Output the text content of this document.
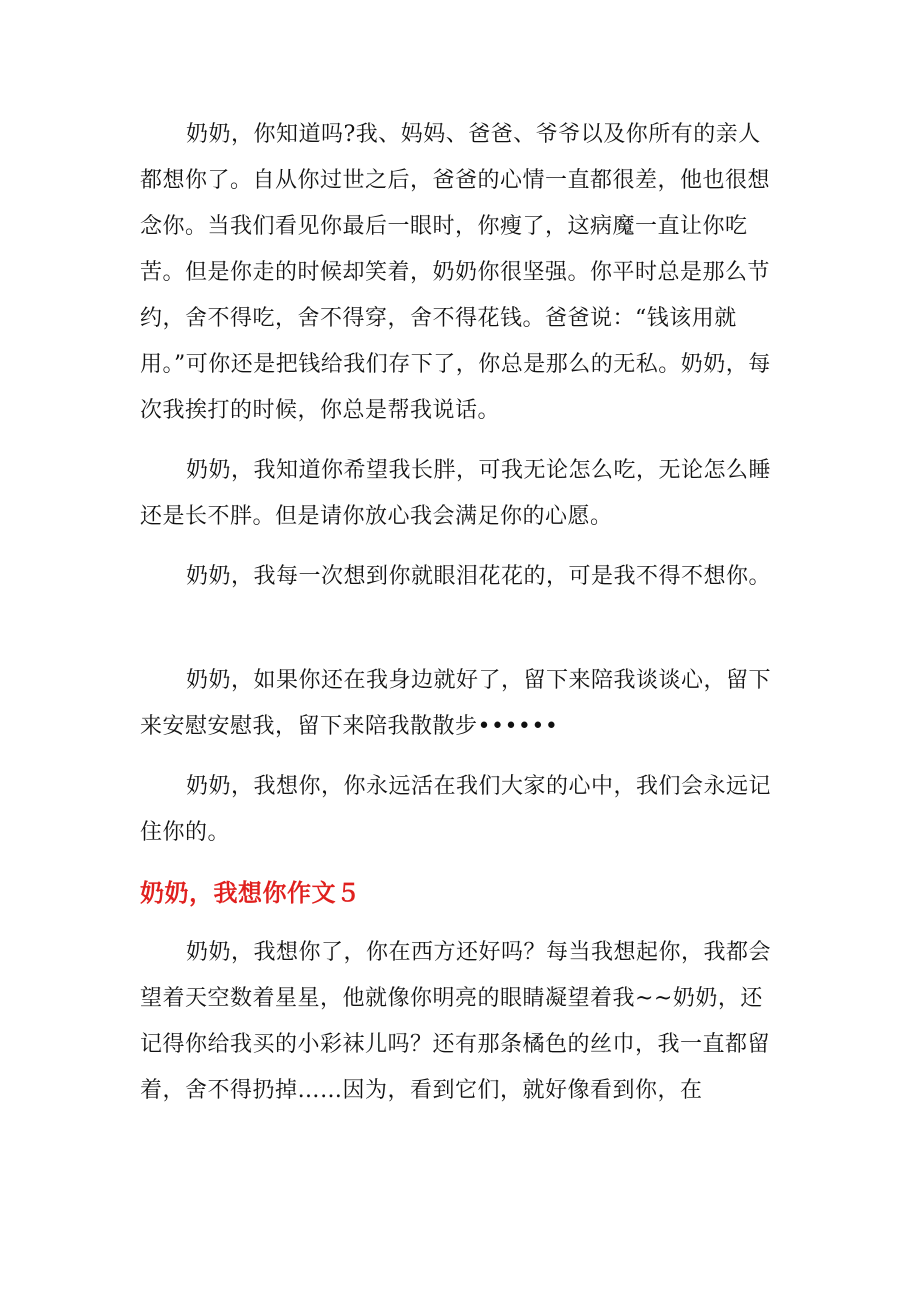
奶奶，你知道吗?我、妈妈、爸爸、爷爷以及你所有的亲人都想你了。自从你过世之后，爸爸的心情一直都很差，他也很想念你。当我们看见你最后一眼时，你瘦了，这病魔一直让你吃苦。但是你走的时候却笑着，奶奶你很坚强。你平时总是那么节约，舍不得吃，舍不得穿，舍不得花钱。爸爸说：“钱该用就用。”可你还是把钱给我们存下了，你总是那么的无私。奶奶，每次我挨打的时候，你总是帮我说话。

奶奶，我知道你希望我长胖，可我无论怎么吃，无论怎么睡还是长不胖。但是请你放心我会满足你的心愿。

奶奶，我每一次想到你就眼泪花花的，可是我不得不想你。

奶奶，如果你还在我身边就好了，留下来陪我谈谈心，留下来安慰安慰我，留下来陪我散散步••••••

奶奶，我想你，你永远活在我们大家的心中，我们会永远记住你的。

奶奶，我想你作文５

奶奶，我想你了，你在西方还好吗？每当我想起你，我都会望着天空数着星星，他就像你明亮的眼睛凝望着我~~奶奶，还记得你给我买的小彩袜儿吗？还有那条橘色的丝巾，我一直都留着，舍不得扔掉……因为，看到它们，就好像看到你，在
